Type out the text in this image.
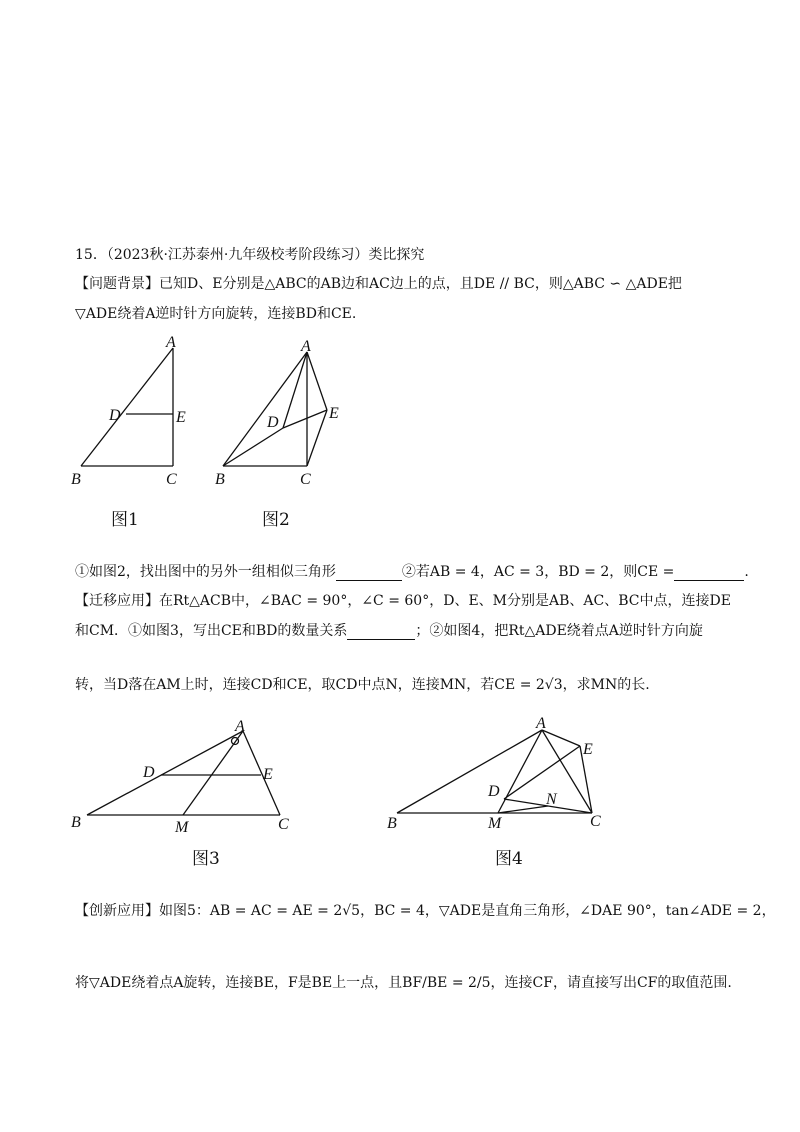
15．（2023秋·江苏泰州·九年级校考阶段练习）类比探究
【问题背景】已知D、E分别是△ABC的AB边和AC边上的点，且DE // BC，则△ABC ∽ △ADE把
▽ADE绕着A逆时针方向旋转，连接BD和CE.
A
D	E
B	C
图1
A
D
E
B	C
图2
①如图2，找出图中的另外一组相似三角形	②若AB = 4，AC = 3，BD = 2，则CE =	.
【迁移应用】在Rt△ACB中，∠BAC = 90°，∠C = 60°，D、E、M分别是AB、AC、BC中点，连接DE
和CM．①如图3，写出CE和BD的数量关系	；②如图4，把Rt△ADE绕着点A逆时针方向旋
转，当D落在AM上时，连接CD和CE，取CD中点N，连接MN，若CE = 2√3，求MN的长.
A
D	E
B	M	C
图3
A
E
D	N
B	M	C
图4
【创新应用】如图5：AB = AC = AE = 2√5，BC = 4，▽ADE是直角三角形，∠DAE 90°，tan∠ADE = 2，
将▽ADE绕着点A旋转，连接BE，F是BE上一点，且BF/BE = 2/5，连接CF，请直接写出CF的取值范围.
